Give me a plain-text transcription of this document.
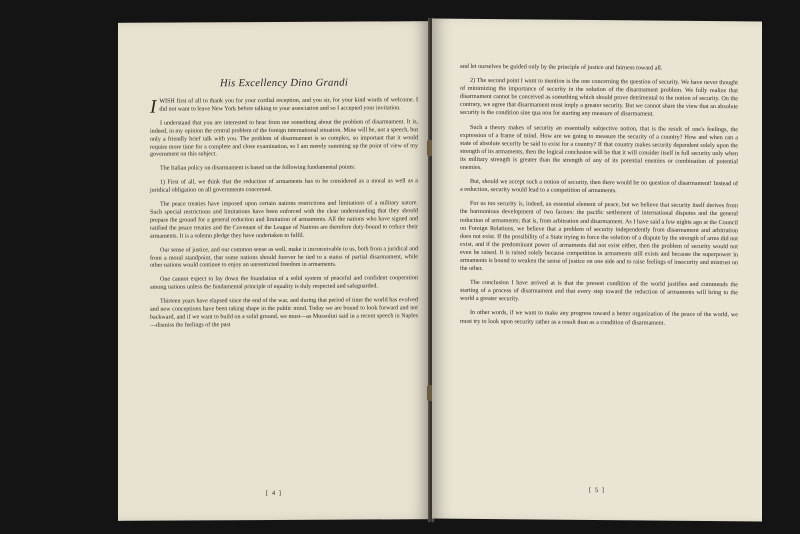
His Excellency Dino Grandi

IWISH first of all to thank you for your cordial reception, and you sir, for your kind words of welcome. I did not want to leave New York before talking to your association and so I accepted your invitation.

I understand that you are interested to hear from me something about the problem of disarmament. It is, indeed, in my opinion the central problem of the foreign international situation. Mine will be, not a speech, but only a friendly brief talk with you. The problem of disarmament is so complex, so important that it would require more time for a complete and close examination, so I am merely summing up the point of view of my government on this subject.

The Italian policy on disarmament is based on the following fundamental points:

1) First of all, we think that the reduction of armaments has to be considered as a moral as well as a juridical obligation on all governments concerned.

The peace treaties have imposed upon certain nations restrictions and limitations of a military nature. Such special restrictions and limitations have been enforced with the clear understanding that they should prepare the ground for a general reduction and limitation of armaments. All the nations who have signed and ratified the peace treaties and the Covenant of the League of Nations are therefore duty-bound to reduce their armaments. It is a solemn pledge they have undertaken to fulfil.

Our sense of justice, and our common sense as well, make it inconceivable to us, both from a juridical and from a moral standpoint, that some nations should forever be tied to a status of partial disarmament, while other nations would continue to enjoy an unrestricted freedom in armaments.

One cannot expect to lay down the foundation of a solid system of peaceful and confident cooperation among nations unless the fundamental principle of equality is duly respected and safeguarded.

Thirteen years have elapsed since the end of the war, and during that period of time the world has evolved and new conceptions have been taking shape in the public mind. Today we are bound to look forward and not backward, and if we want to build on a solid ground, we must—as Mussolini said in a recent speech in Naples—dismiss the feelings of the past

[ 4 ]

and let ourselves be guided only by the principle of justice and fairness toward all.

2) The second point I want to mention is the one concerning the question of security. We have never thought of minimizing the importance of security in the solution of the disarmament problem. We fully realize that disarmament cannot be conceived as something which should prove detrimental to the notion of security. On the contrary, we agree that disarmament must imply a greater security. But we cannot share the view that an absolute security is the condition sine qua non for starting any measure of disarmament.

Such a theory makes of security an essentially subjective notion, that is the result of one's feelings, the expression of a frame of mind. How are we going to measure the security of a country? How and when can a state of absolute security be said to exist for a country? If that country makes security dependent solely upon the strength of its armaments, then the logical conclusion will be that it will consider itself in full security only when its military strength is greater than the strength of any of its potential enemies or combination of potential enemies.

But, should we accept such a notion of security, then there would be no question of disarmament! Instead of a reduction, security would lead to a competition of armaments.

For us too security is, indeed, an essential element of peace, but we believe that security itself derives from the harmonious development of two factors: the pacific settlement of international disputes and the general reduction of armaments; that is, from arbitration and disarmament. As I have said a few nights ago at the Council on Foreign Relations, we believe that a problem of security independently from disarmament and arbitration does not exist. If the possibility of a State trying to force the solution of a dispute by the strength of arms did not exist, and if the predominant power of armaments did not exist either, then the problem of security would not even be raised. It is raised solely because competition in armaments still exists and because the superpower in armaments is bound to weaken the sense of justice on one side and to raise feelings of insecurity and mistrust on the other.

The conclusion I have arrived at is that the present condition of the world justifies and commends the starting of a process of disarmament and that every step toward the reduction of armaments will bring to the world a greater security.

In other words, if we want to make any progress toward a better organization of the peace of the world, we must try to look upon security rather as a result than as a condition of disarmament.

[ 5 ]
